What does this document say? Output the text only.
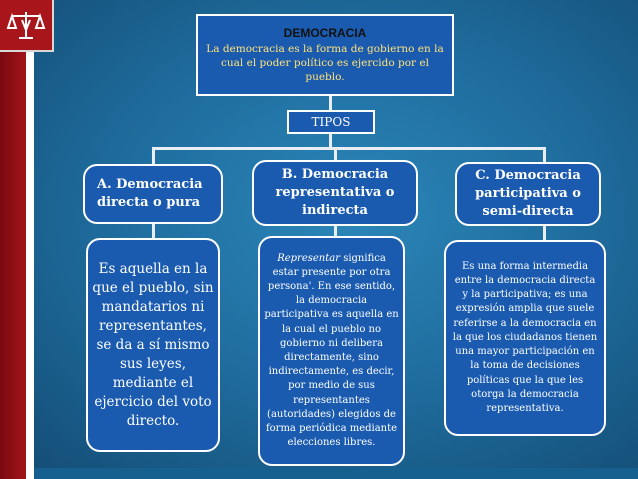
DEMOCRACIA
La democracia es la forma de gobierno en la cual el poder político es ejercido por el pueblo.
TIPOS
A. Democracia directa o pura
B. Democracia representativa o indirecta
C. Democracia participativa o semi-directa
Es aquella en la que el pueblo, sin mandatarios ni representantes, se da a sí mismo sus leyes, mediante el ejercicio del voto directo.
Representar significa estar presente por otra persona'. En ese sentido, la democracia participativa es aquella en la cual el pueblo no gobierno ni delibera directamente, sino indirectamente, es decir, por medio de sus representantes (autoridades) elegidos de forma periódica mediante elecciones libres.
Es una forma intermedia entre la democracia directa y la participativa; es una expresión amplia que suele referirse a la democracia en la que los ciudadanos tienen una mayor participación en la toma de decisiones políticas que la que les otorga la democracia representativa.
